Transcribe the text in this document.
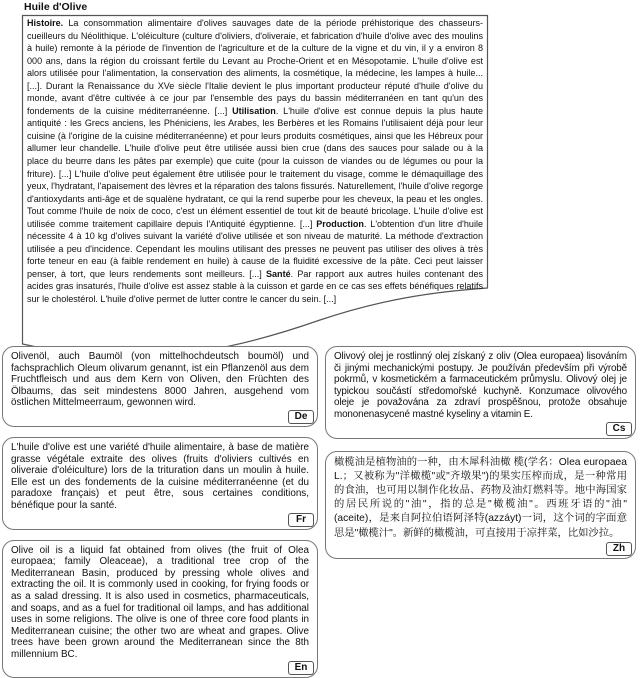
Huile d'Olive
Histoire. La consommation alimentaire d'olives sauvages date de la période préhistorique des chasseurs-cueilleurs du Néolithique. L'oléiculture (culture d'oliviers, d'oliveraie, et fabrication d'huile d'olive avec des moulins à huile) remonte à la période de l'invention de l'agriculture et de la culture de la vigne et du vin, il y a environ 8 000 ans, dans la région du croissant fertile du Levant au Proche-Orient et en Mésopotamie. L'huile d'olive est alors utilisée pour l'alimentation, la conservation des aliments, la cosmétique, la médecine, les lampes à huile... [...]. Durant la Renaissance du XVe siècle l'Italie devient le plus important producteur réputé d'huile d'olive du monde, avant d'être cultivée à ce jour par l'ensemble des pays du bassin méditerranéen en tant qu'un des fondements de la cuisine méditerranéenne. [...] Utilisation. L'huile d'olive est connue depuis la plus haute antiquité : les Grecs anciens, les Phéniciens, les Arabes, les Berbères et les Romains l'utilisaient déjà pour leur cuisine (à l'origine de la cuisine méditerranéenne) et pour leurs produits cosmétiques, ainsi que les Hébreux pour allumer leur chandelle. L'huile d'olive peut être utilisée aussi bien crue (dans des sauces pour salade ou à la place du beurre dans les pâtes par exemple) que cuite (pour la cuisson de viandes ou de légumes ou pour la friture). [...] L'huile d'olive peut également être utilisée pour le traitement du visage, comme le démaquillage des yeux, l'hydratant, l'apaisement des lèvres et la réparation des talons fissurés. Naturellement, l'huile d'olive regorge d'antioxydants anti-âge et de squalène hydratant, ce qui la rend superbe pour les cheveux, la peau et les ongles. Tout comme l'huile de noix de coco, c'est un élément essentiel de tout kit de beauté bricolage. L'huile d'olive est utilisée comme traitement capillaire depuis l'Antiquité égyptienne. [...] Production. L'obtention d'un litre d'huile nécessite 4 à 10 kg d'olives suivant la variété d'olive utilisée et son niveau de maturité. La méthode d'extraction utilisée a peu d'incidence. Cependant les moulins utilisant des presses ne peuvent pas utiliser des olives à très forte teneur en eau (à faible rendement en huile) à cause de la fluidité excessive de la pâte. Ceci peut laisser penser, à tort, que leurs rendements sont meilleurs. [...] Santé. Par rapport aux autres huiles contenant des acides gras insaturés, l'huile d'olive est assez stable à la cuisson et garde en ce cas ses effets bénéfiques relatifs sur le cholestérol. L'huile d'olive permet de lutter contre le cancer du sein. [...]
Olivenöl, auch Baumöl (von mittelhochdeutsch boumöl) und fachsprachlich Oleum olivarum genannt, ist ein Pflanzenöl aus dem Fruchtfleisch und aus dem Kern von Oliven, den Früchten des Ölbaums, das seit mindestens 8000 Jahren, ausgehend vom östlichen Mittelmeerraum, gewonnen wird.
De
L'huile d'olive est une variété d'huile alimentaire, à base de matière grasse végétale extraite des olives (fruits d'oliviers cultivés en oliveraie d'oléiculture) lors de la trituration dans un moulin à huile. Elle est un des fondements de la cuisine méditerranéenne (et du paradoxe français) et peut être, sous certaines conditions, bénéfique pour la santé.
Fr
Olive oil is a liquid fat obtained from olives (the fruit of Olea europaea; family Oleaceae), a traditional tree crop of the Mediterranean Basin, produced by pressing whole olives and extracting the oil. It is commonly used in cooking, for frying foods or as a salad dressing. It is also used in cosmetics, pharmaceuticals, and soaps, and as a fuel for traditional oil lamps, and has additional uses in some religions. The olive is one of three core food plants in Mediterranean cuisine; the other two are wheat and grapes. Olive trees have been grown around the Mediterranean since the 8th millennium BC.
En
Olivový olej je rostlinný olej získaný z oliv (Olea europaea) lisováním či jinými mechanickými postupy. Je používán především při výrobě pokrmů, v kosmetickém a farmaceutickém průmyslu. Olivový olej je typickou součástí středomořské kuchyně. Konzumace olivového oleje je považována za zdraví prospěšnou, protože obsahuje mononenasycené mastné kyseliny a vitamin E.
Cs
橄榄油是植物油的一种，由木犀科油橄 榄(学名：Olea europaea L.；又被称为"洋橄榄"或"齐墩果")的果实压榨而成，是一种常用的食油，也可用以制作化妆品、药物及油灯燃料等。地中海国家的居民所说的"油"，指的总是"橄榄油"。西班牙语的"油"(aceite)，是来自阿拉伯语阿泽特(azzáyt)一词，这个词的字面意思是"橄榄汁"。新鲜的橄榄油，可直接用于凉拌菜，比如沙拉。
Zh
